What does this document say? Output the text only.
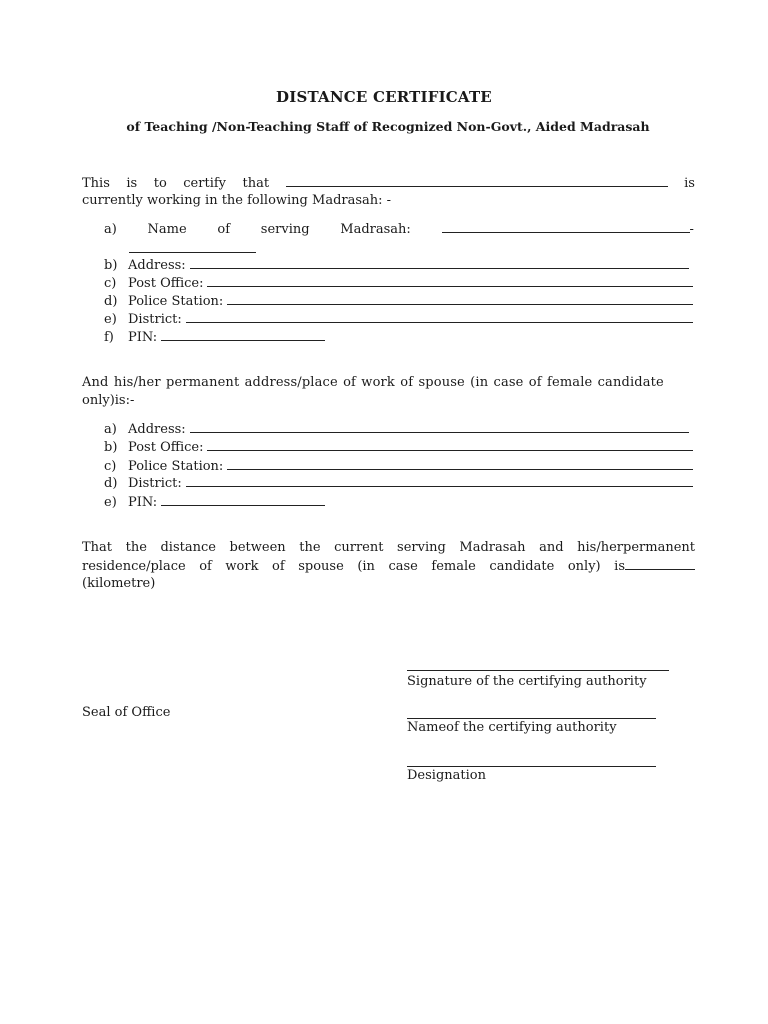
DISTANCE CERTIFICATE
of Teaching /Non-Teaching Staff of Recognized Non-Govt., Aided Madrasah
This is to certify that	is
currently working in the following Madrasah: -
a) Name of serving Madrasah:	-
b) Address:
c) Post Office:
d) Police Station:
e) District:
f)	PIN:
And his/her permanent address/place of work of spouse (in case of female candidate
only)is:-
a) Address:
b) Post Office:
c) Police Station:
d) District:
e) PIN:
That the distance between the current serving Madrasah and his/herpermanent
residence/place of work of spouse (in case female candidate only) is
(kilometre)
Signature of the certifying authority
Seal of Office
Nameof the certifying authority
Designation
